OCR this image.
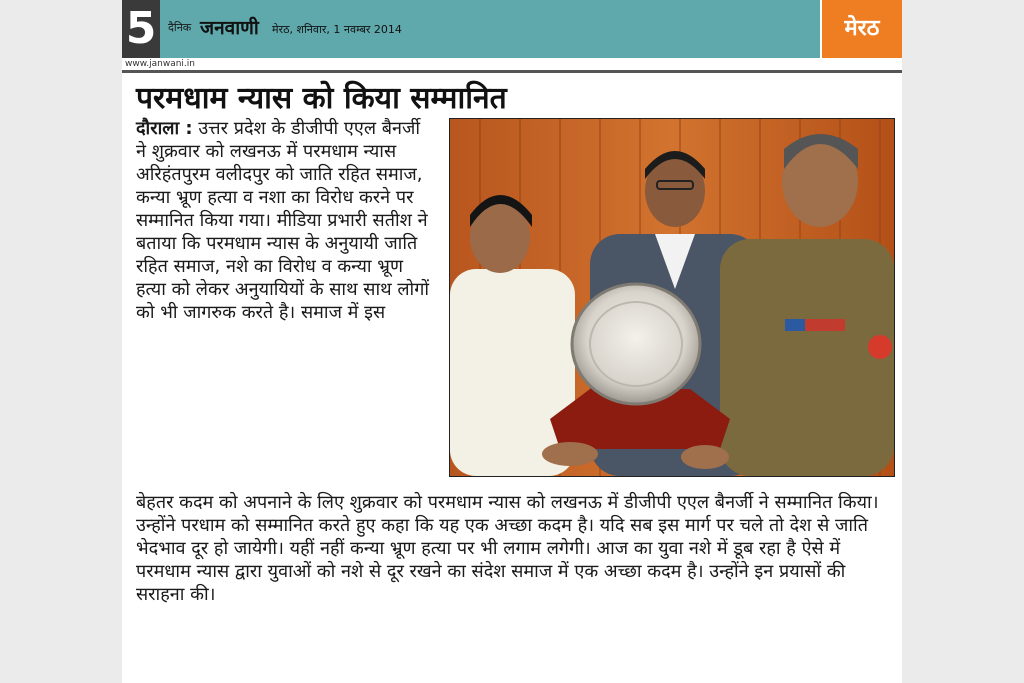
5	दैनिक जनवाणी मेरठ, शनिवार, 1 नवम्बर 2014	मेरठ
www.janwani.in
परमधाम न्यास को किया सम्मानित
दौराला : उत्तर प्रदेश के डीजीपी एएल बैनर्जी ने शुक्रवार को लखनऊ में परमधाम न्यास अरिहंतपुरम वलीदपुर को जाति रहित समाज, कन्या भ्रूण हत्या व नशा का विरोध करने पर सम्मानित किया गया। मीडिया प्रभारी सतीश ने बताया कि परमधाम न्यास के अनुयायी जाति रहित समाज, नशे का विरोध व कन्या भ्रूण हत्या को लेकर अनुयायियों के साथ साथ लोगों को भी जागरुक करते है। समाज में इस
बेहतर कदम को अपनाने के लिए शुक्रवार को परमधाम न्यास को लखनऊ में डीजीपी एएल बैनर्जी ने सम्मानित किया। उन्होंने परधाम को सम्मानित करते हुए कहा कि यह एक अच्छा कदम है। यदि सब इस मार्ग पर चले तो देश से जाति भेदभाव दूर हो जायेगी। यहीं नहीं कन्या भ्रूण हत्या पर भी लगाम लगेगी। आज का युवा नशे में डूब रहा है ऐसे में परमधाम न्यास द्वारा युवाओं को नशे से दूर रखने का संदेश समाज में एक अच्छा कदम है। उन्होंने इन प्रयासों की सराहना की।
